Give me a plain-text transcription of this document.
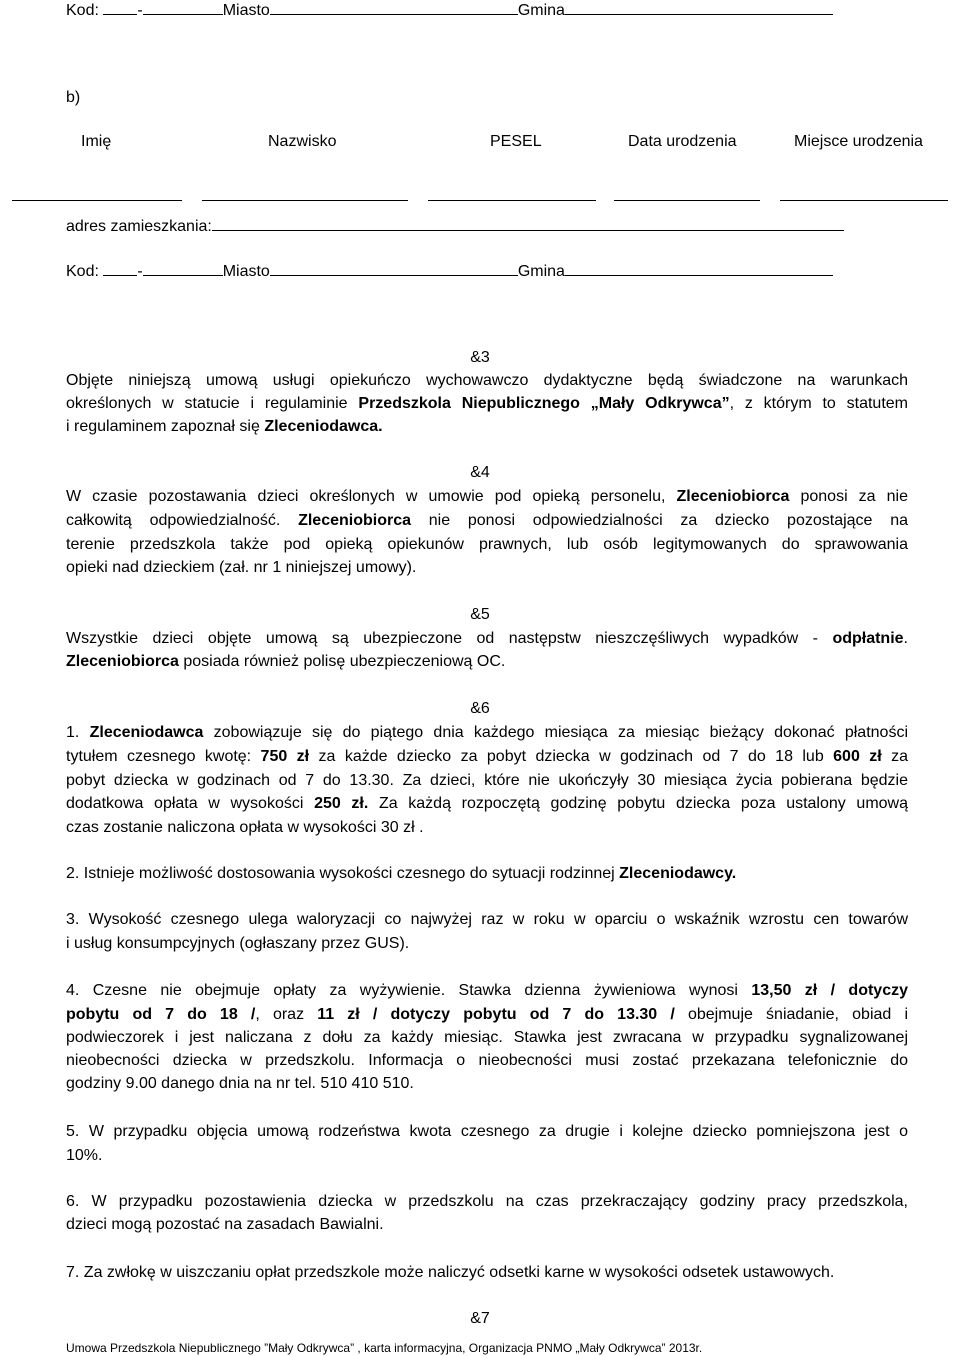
Kod: -	Miasto	Gmina
b)
Imię	Nazwisko	PESEL	Data urodzenia	Miejsce urodzenia
adres zamieszkania:
Kod: -	Miasto	Gmina
&3
Objęte niniejszą umową usługi opiekuńczo wychowawczo dydaktyczne będą świadczone na warunkach
określonych w statucie i regulaminie Przedszkola Niepublicznego „Mały Odkrywca”, z którym to statutem
i regulaminem zapoznał się Zleceniodawca.
&4
W czasie pozostawania dzieci określonych w umowie pod opieką personelu, Zleceniobiorca ponosi za nie
całkowitą odpowiedzialność. Zleceniobiorca nie ponosi odpowiedzialności za dziecko pozostające na
terenie przedszkola także pod opieką opiekunów prawnych, lub osób legitymowanych do sprawowania
opieki nad dzieckiem (zał. nr 1 niniejszej umowy).
&5
Wszystkie dzieci objęte umową są ubezpieczone od następstw nieszczęśliwych wypadków - odpłatnie.
Zleceniobiorca posiada również polisę ubezpieczeniową OC.
&6
1. Zleceniodawca zobowiązuje się do piątego dnia każdego miesiąca za miesiąc bieżący dokonać płatności
tytułem czesnego kwotę: 750 zł za każde dziecko za pobyt dziecka w godzinach od 7 do 18 lub 600 zł za
pobyt dziecka w godzinach od 7 do 13.30. Za dzieci, które nie ukończyły 30 miesiąca życia pobierana będzie
dodatkowa opłata w wysokości 250 zł. Za każdą rozpoczętą godzinę pobytu dziecka poza ustalony umową
czas zostanie naliczona opłata w wysokości 30 zł .
2. Istnieje możliwość dostosowania wysokości czesnego do sytuacji rodzinnej Zleceniodawcy.
3. Wysokość czesnego ulega waloryzacji co najwyżej raz w roku w oparciu o wskaźnik wzrostu cen towarów
i usług konsumpcyjnych (ogłaszany przez GUS).
4. Czesne nie obejmuje opłaty za wyżywienie. Stawka dzienna żywieniowa wynosi 13,50 zł / dotyczy
pobytu od 7 do 18 /, oraz 11 zł / dotyczy pobytu od 7 do 13.30 / obejmuje śniadanie, obiad i
podwieczorek i jest naliczana z dołu za każdy miesiąc. Stawka jest zwracana w przypadku sygnalizowanej
nieobecności dziecka w przedszkolu. Informacja o nieobecności musi zostać przekazana telefonicznie do
godziny 9.00 danego dnia na nr tel. 510 410 510.
5. W przypadku objęcia umową rodzeństwa kwota czesnego za drugie i kolejne dziecko pomniejszona jest o
10%.
6. W przypadku pozostawienia dziecka w przedszkolu na czas przekraczający godziny pracy przedszkola,
dzieci mogą pozostać na zasadach Bawialni.
7. Za zwłokę w uiszczaniu opłat przedszkole może naliczyć odsetki karne w wysokości odsetek ustawowych.
&7
Umowa Przedszkola Niepublicznego ”Mały Odkrywca” , karta informacyjna, Organizacja PNMO „Mały Odkrywca” 2013r.
